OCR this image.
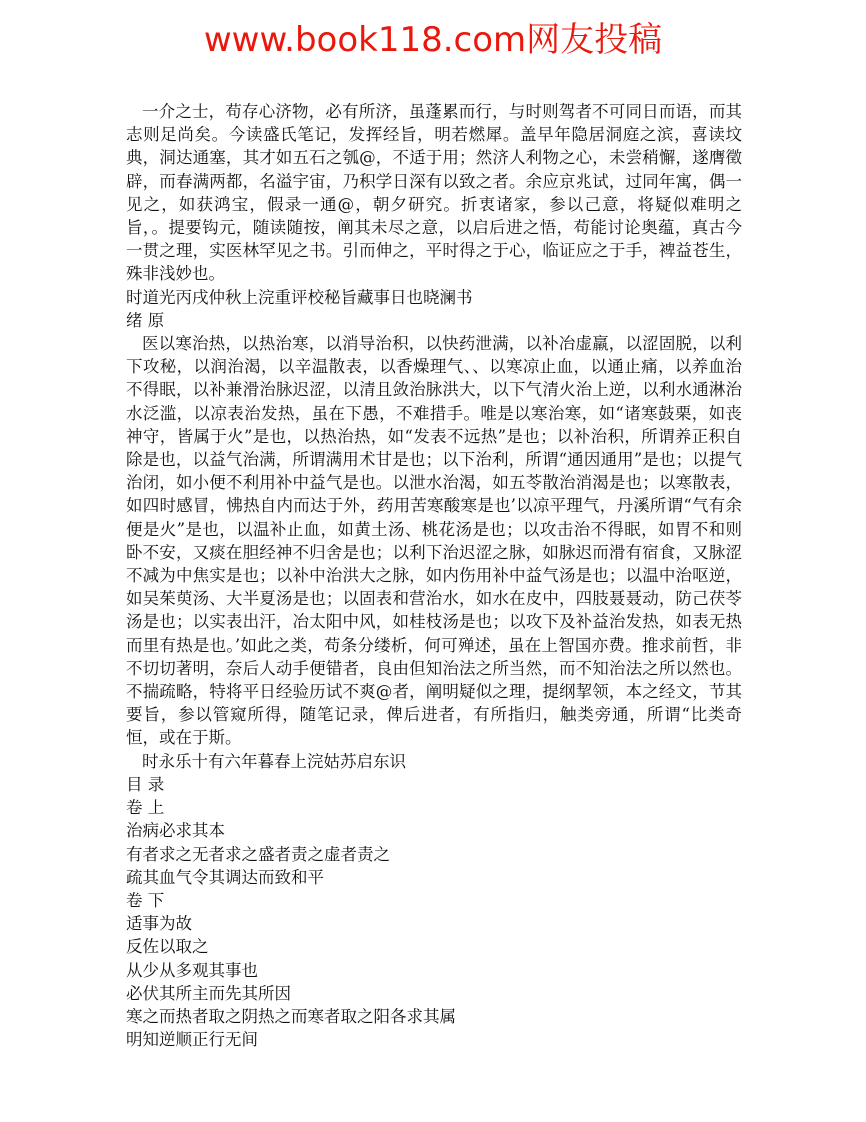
www.book118.com网友投稿

一介之士，苟存心济物，必有所济，虽蓬累而行，与时则驾者不可同日而语，而其志则足尚矣。今读盛氏笔记，发挥经旨，明若燃犀。盖早年隐居洞庭之滨，喜读坟典，洞达通塞，其才如五石之瓠@，不适于用；然济人利物之心，未尝稍懈，遂膺徵辟，而春满两都，名溢宇宙，乃积学日深有以致之者。余应京兆试，过同年寓，偶一见之，如获鸿宝，假录一通@，朝夕研究。折衷诸家，参以己意，将疑似难明之旨，。提要钩元，随读随按，阐其未尽之意，以启后进之悟，苟能讨论奥蕴，真古今一贯之理，实医林罕见之书。引而伸之，平时得之于心，临证应之于手，裨益苍生，殊非浅妙也。

时道光丙戌仲秋上浣重评校秘旨藏事日也晓澜书

绪 原

医以寒治热，以热治寒，以消导治积，以快药泄满，以补冶虚羸，以涩固脱，以利下攻秘，以润治渴，以辛温散表，以香燥理气、、以寒凉止血，以通止痛，以养血治不得眠，以补兼滑治脉迟涩，以清且敛治脉洪大，以下气清火治上逆，以利水通淋治水泛滥，以凉表治发热，虽在下愚，不难措手。唯是以寒治寒，如“诸寒鼓栗，如丧神守，皆属于火”是也，以热治热，如“发表不远热”是也；以补治积，所谓养正积自除是也，以益气治满，所谓满用术甘是也；以下治利，所谓“通因通用”是也；以提气治闭，如小便不利用补中益气是也。以泄水治渴，如五苓散治消渴是也；以寒散表，如四时感冒，怫热自内而达于外，药用苦寒酸寒是也’以凉平理气，丹溪所谓“气有余便是火”是也，以温补止血，如黄土汤、桃花汤是也；以攻击治不得眠，如胃不和则卧不安，又痰在胆经神不归舍是也；以利下治迟涩之脉，如脉迟而滑有宿食，又脉涩不减为中焦实是也；以补中治洪大之脉，如内伤用补中益气汤是也；以温中治呕逆，如吴茱萸汤、大半夏汤是也；以固表和营治水，如水在皮中，四肢聂聂动，防己茯苓汤是也；以实表出汗，冶太阳中风，如桂枝汤是也；以攻下及补益治发热，如表无热而里有热是也。’如此之类，苟条分缕析，何可殚述，虽在上智国亦费。推求前哲，非不切切著明，奈后人动手便错者，良由但知治法之所当然，而不知治法之所以然也。不揣疏略，特将平日经验历试不爽@者，阐明疑似之理，提纲挈领，本之经文，节其要旨，参以管窥所得，随笔记录，俾后进者，有所指归，触类旁通，所谓“比类奇恒，或在于斯。

时永乐十有六年暮春上浣姑苏启东识

目 录

卷 上

治病必求其本

有者求之无者求之盛者责之虚者责之

疏其血气令其调达而致和平

卷 下

适事为故

反佐以取之

从少从多观其事也

必伏其所主而先其所因

寒之而热者取之阴热之而寒者取之阳各求其属

明知逆顺正行无间
